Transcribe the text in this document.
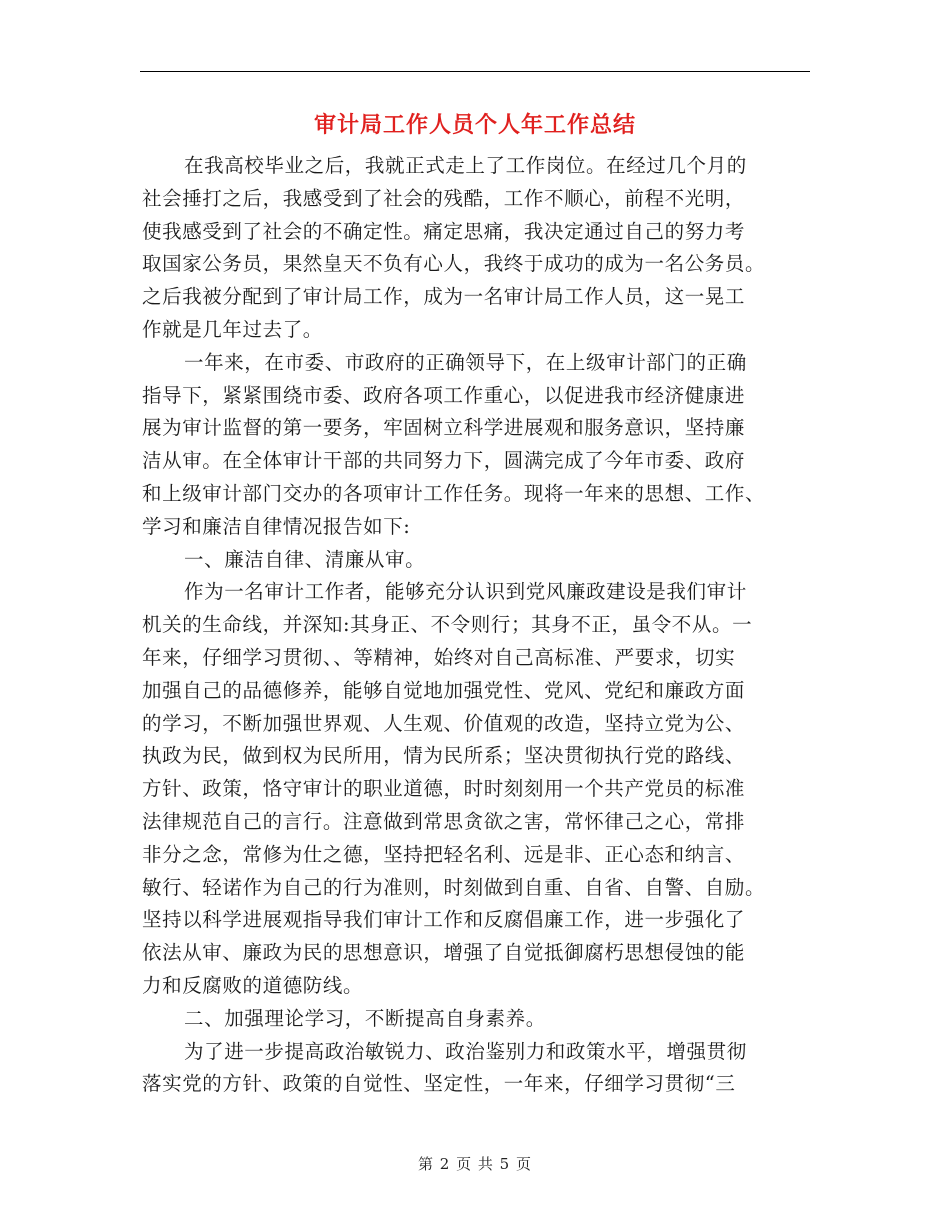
审计局工作人员个人年工作总结
在我高校毕业之后，我就正式走上了工作岗位。在经过几个月的
社会捶打之后，我感受到了社会的残酷，工作不顺心，前程不光明，
使我感受到了社会的不确定性。痛定思痛，我决定通过自己的努力考
取国家公务员，果然皇天不负有心人，我终于成功的成为一名公务员。
之后我被分配到了审计局工作，成为一名审计局工作人员，这一晃工
作就是几年过去了。
一年来，在市委、市政府的正确领导下，在上级审计部门的正确
指导下，紧紧围绕市委、政府各项工作重心，以促进我市经济健康进
展为审计监督的第一要务，牢固树立科学进展观和服务意识，坚持廉
洁从审。在全体审计干部的共同努力下，圆满完成了今年市委、政府
和上级审计部门交办的各项审计工作任务。现将一年来的思想、工作、
学习和廉洁自律情况报告如下:
一、廉洁自律、清廉从审。
作为一名审计工作者，能够充分认识到党风廉政建设是我们审计
机关的生命线，并深知:其身正、不令则行；其身不正，虽令不从。一
年来，仔细学习贯彻、、等精神，始终对自己高标准、严要求，切实
加强自己的品德修养，能够自觉地加强党性、党风、党纪和廉政方面
的学习，不断加强世界观、人生观、价值观的改造，坚持立党为公、
执政为民，做到权为民所用，情为民所系；坚决贯彻执行党的路线、
方针、政策，恪守审计的职业道德，时时刻刻用一个共产党员的标准
法律规范自己的言行。注意做到常思贪欲之害，常怀律己之心，常排
非分之念，常修为仕之德，坚持把轻名利、远是非、正心态和纳言、
敏行、轻诺作为自己的行为准则，时刻做到自重、自省、自警、自励。
坚持以科学进展观指导我们审计工作和反腐倡廉工作，进一步强化了
依法从审、廉政为民的思想意识，增强了自觉抵御腐朽思想侵蚀的能
力和反腐败的道德防线。
二、加强理论学习，不断提高自身素养。
为了进一步提高政治敏锐力、政治鉴别力和政策水平，增强贯彻
落实党的方针、政策的自觉性、坚定性，一年来，仔细学习贯彻“三
第 2 页 共 5 页
